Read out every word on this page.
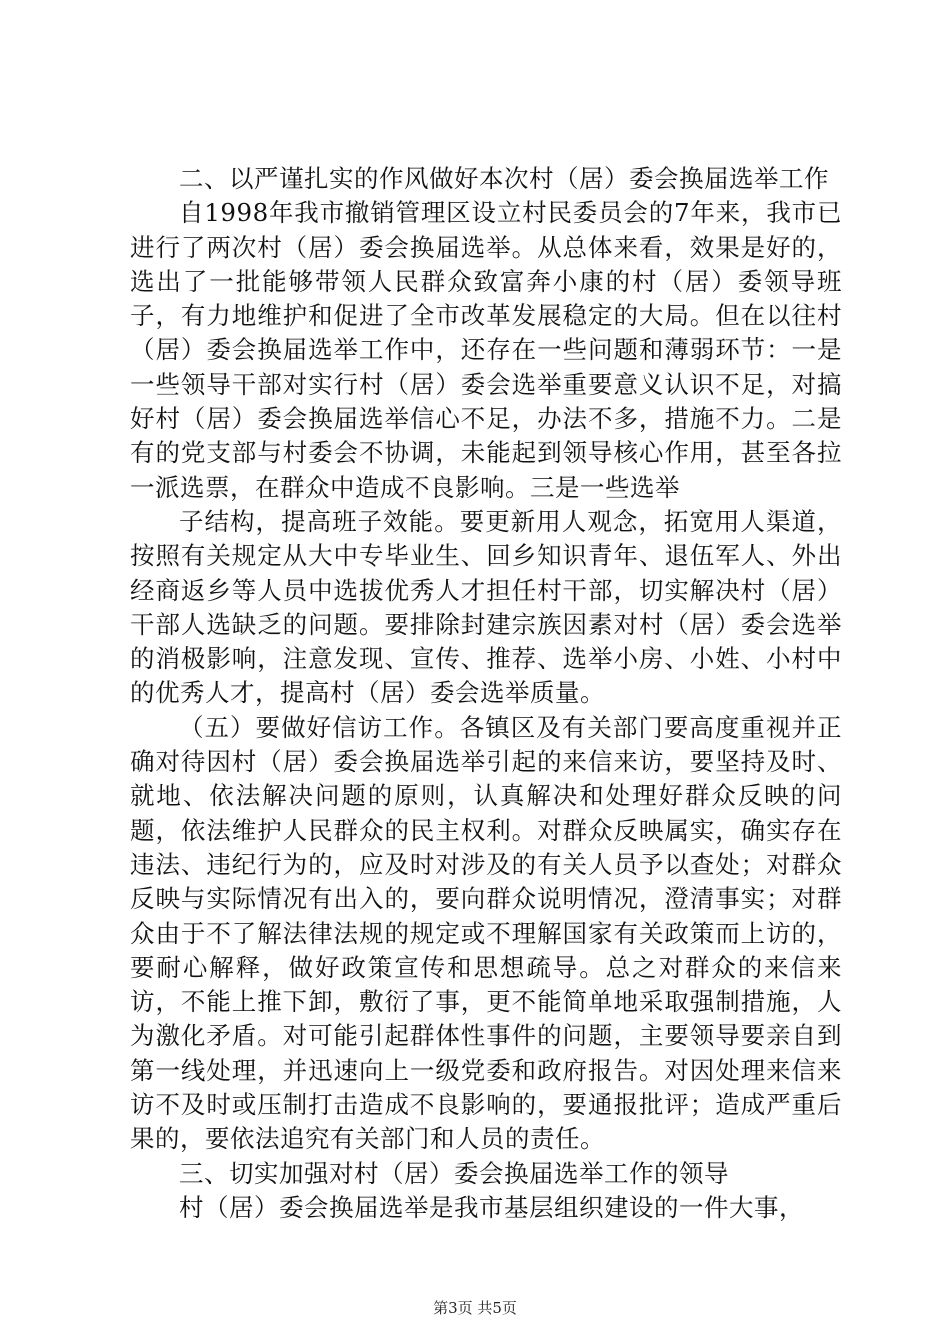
二、以严谨扎实的作风做好本次村（居）委会换届选举工作

自1998年我市撤销管理区设立村民委员会的7年来，我市已进行了两次村（居）委会换届选举。从总体来看，效果是好的，选出了一批能够带领人民群众致富奔小康的村（居）委领导班子，有力地维护和促进了全市改革发展稳定的大局。但在以往村（居）委会换届选举工作中，还存在一些问题和薄弱环节：一是一些领导干部对实行村（居）委会选举重要意义认识不足，对搞好村（居）委会换届选举信心不足，办法不多，措施不力。二是有的党支部与村委会不协调，未能起到领导核心作用，甚至各拉一派选票，在群众中造成不良影响。三是一些选举

子结构，提高班子效能。要更新用人观念，拓宽用人渠道，按照有关规定从大中专毕业生、回乡知识青年、退伍军人、外出经商返乡等人员中选拔优秀人才担任村干部，切实解决村（居）干部人选缺乏的问题。要排除封建宗族因素对村（居）委会选举的消极影响，注意发现、宣传、推荐、选举小房、小姓、小村中的优秀人才，提高村（居）委会选举质量。

（五）要做好信访工作。各镇区及有关部门要高度重视并正确对待因村（居）委会换届选举引起的来信来访，要坚持及时、就地、依法解决问题的原则，认真解决和处理好群众反映的问题，依法维护人民群众的民主权利。对群众反映属实，确实存在违法、违纪行为的，应及时对涉及的有关人员予以查处；对群众反映与实际情况有出入的，要向群众说明情况，澄清事实；对群众由于不了解法律法规的规定或不理解国家有关政策而上访的，要耐心解释，做好政策宣传和思想疏导。总之对群众的来信来访，不能上推下卸，敷衍了事，更不能简单地采取强制措施，人为激化矛盾。对可能引起群体性事件的问题，主要领导要亲自到第一线处理，并迅速向上一级党委和政府报告。对因处理来信来访不及时或压制打击造成不良影响的，要通报批评；造成严重后果的，要依法追究有关部门和人员的责任。

三、切实加强对村（居）委会换届选举工作的领导

村（居）委会换届选举是我市基层组织建设的一件大事，

第3页 共5页
